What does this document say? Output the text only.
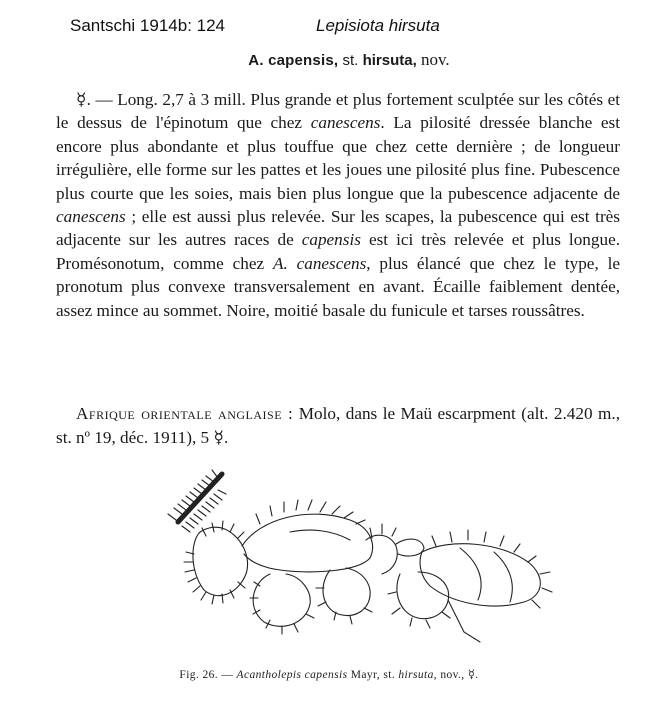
Santschi 1914b: 124	Lepisiota hirsuta
A. capensis, st. hirsuta, nov.

☿. — Long. 2,7 à 3 mill. Plus grande et plus fortement sculptée sur les côtés et le dessus de l'épinotum que chez canescens. La pilosité dressée blanche est encore plus abondante et plus touffue que chez cette dernière ; de longueur irrégulière, elle forme sur les pattes et les joues une pilosité plus fine. Pubescence plus courte que les soies, mais bien plus longue que la pubescence adjacente de canescens ; elle est aussi plus relevée. Sur les scapes, la pubescence qui est très adjacente sur les autres races de capensis est ici très relevée et plus longue. Promésonotum, comme chez A. canescens, plus élancé que chez le type, le pronotum plus convexe transversalement en avant. Écaille faiblement dentée, assez mince au sommet. Noire, moitié basale du funicule et tarses roussâtres.

Afrique orientale anglaise : Molo, dans le Maü escarpment (alt. 2.420 m., st. nº 19, déc. 1911), 5 ☿.

Fig. 26. — Acantholepis capensis Mayr, st. hirsuta, nov., ☿.
